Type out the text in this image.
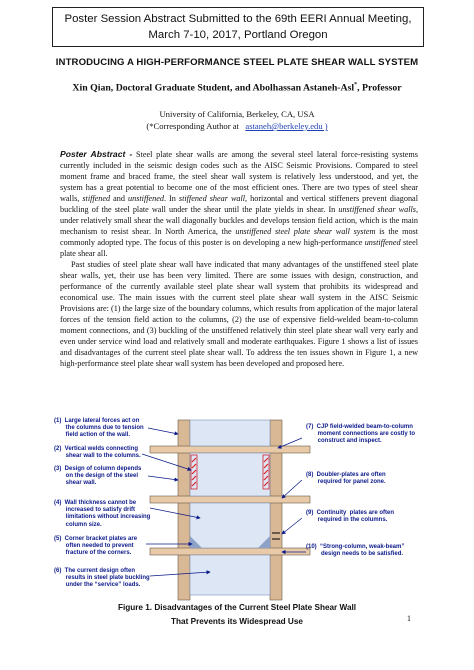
Poster Session Abstract Submitted to the 69th EERI Annual Meeting,
March 7-10, 2017, Portland Oregon
INTRODUCING A HIGH-PERFORMANCE STEEL PLATE SHEAR WALL SYSTEM
Xin Qian, Doctoral Graduate Student, and Abolhassan Astaneh-Asl*, Professor
University of California, Berkeley, CA, USA
(*Corresponding Author at astaneh@berkeley.edu )

Poster Abstract - Steel plate shear walls are among the several steel lateral force-resisting systems currently included in the seismic design codes such as the AISC Seismic Provisions. Compared to steel moment frame and braced frame, the steel shear wall system is relatively less understood, and yet, the system has a great potential to become one of the most efficient ones. There are two types of steel shear walls, stiffened and unstiffened. In stiffened shear wall, horizontal and vertical stiffeners prevent diagonal buckling of the steel plate wall under the shear until the plate yields in shear. In unstiffened shear walls, under relatively small shear the wall diagonally buckles and develops tension field action, which is the main mechanism to resist shear. In North America, the unstiffened steel plate shear wall system is the most commonly adopted type. The focus of this poster is on developing a new high-performance unstiffened steel plate shear all.

Past studies of steel plate shear wall have indicated that many advantages of the unstiffened steel plate shear walls, yet, their use has been very limited. There are some issues with design, construction, and performance of the currently available steel plate shear wall system that prohibits its widespread and economical use. The main issues with the current steel plate shear wall system in the AISC Seismic Provisions are: (1) the large size of the boundary columns, which results from application of the major lateral forces of the tension field action to the columns, (2) the use of expensive field-welded beam-to-column moment connections, and (3) buckling of the unstiffened relatively thin steel plate shear wall very early and even under service wind load and relatively small and moderate earthquakes. Figure 1 shows a list of issues and disadvantages of the current steel plate shear wall. To address the ten issues shown in Figure 1, a new high-performance steel plate shear wall system has been developed and proposed here.

(1)  Large lateral forces act on
the columns due to tension
field action of the wall.
(2)  Vertical welds connecting
shear wall to the columns.
(3)  Design of column depends
on the design of the steel
shear wall.
(4)  Wall thickness cannot be
increased to satisfy drift
limitations without increasing
column size.
(5)  Corner bracket plates are
often needed to prevent
fracture of the corners.
(6)  The current design often
results in steel plate buckling
under the “service” loads.
(7)  CJP field-welded beam-to-column
moment connections are costly to
construct and inspect.
(8)  Doubler-plates are often
required for panel zone.
(9)  Continuity  plates are often
required in the columns.
(10)  “Strong-column, weak-beam”
design needs to be satisfied.
Figure 1. Disadvantages of the Current Steel Plate Shear Wall
That Prevents its Widespread Use	1
